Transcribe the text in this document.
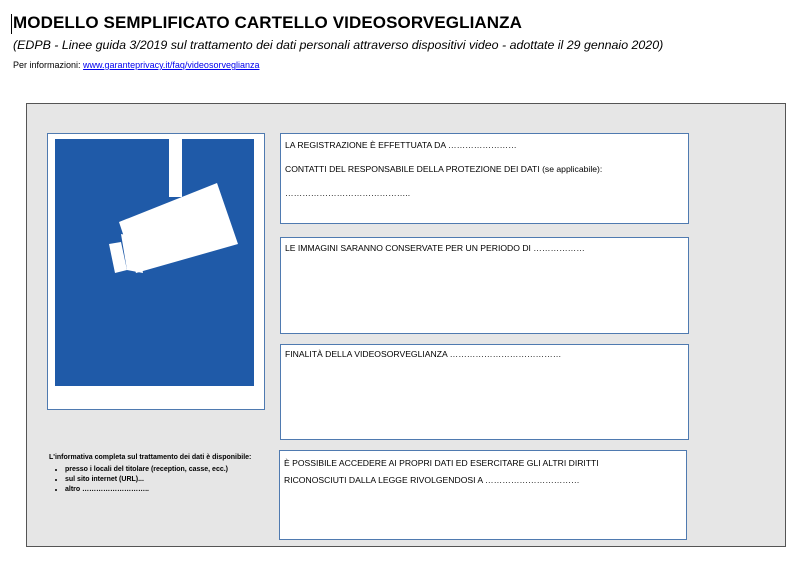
MODELLO SEMPLIFICATO CARTELLO VIDEOSORVEGLIANZA
(EDPB - Linee guida 3/2019 sul trattamento dei dati personali attraverso dispositivi video - adottate il 29 gennaio 2020)
Per informazioni: www.garanteprivacy.it/faq/videosorveglianza
L'informativa completa sul trattamento dei dati è disponibile:
• presso i locali del titolare (reception, casse, ecc.)
• sul sito internet (URL)...
• altro ………………………..

LA REGISTRAZIONE È EFFETTUATA DA ……………………

CONTATTI DEL RESPONSABILE DELLA PROTEZIONE DEI DATI (se applicabile):

……………………………………..

LE IMMAGINI SARANNO CONSERVATE PER UN PERIODO DI ………………

FINALITÀ DELLA VIDEOSORVEGLIANZA …………………………………

È POSSIBILE ACCEDERE AI PROPRI DATI ED ESERCITARE GLI ALTRI DIRITTI

RICONOSCIUTI DALLA LEGGE RIVOLGENDOSI A ……………………………
